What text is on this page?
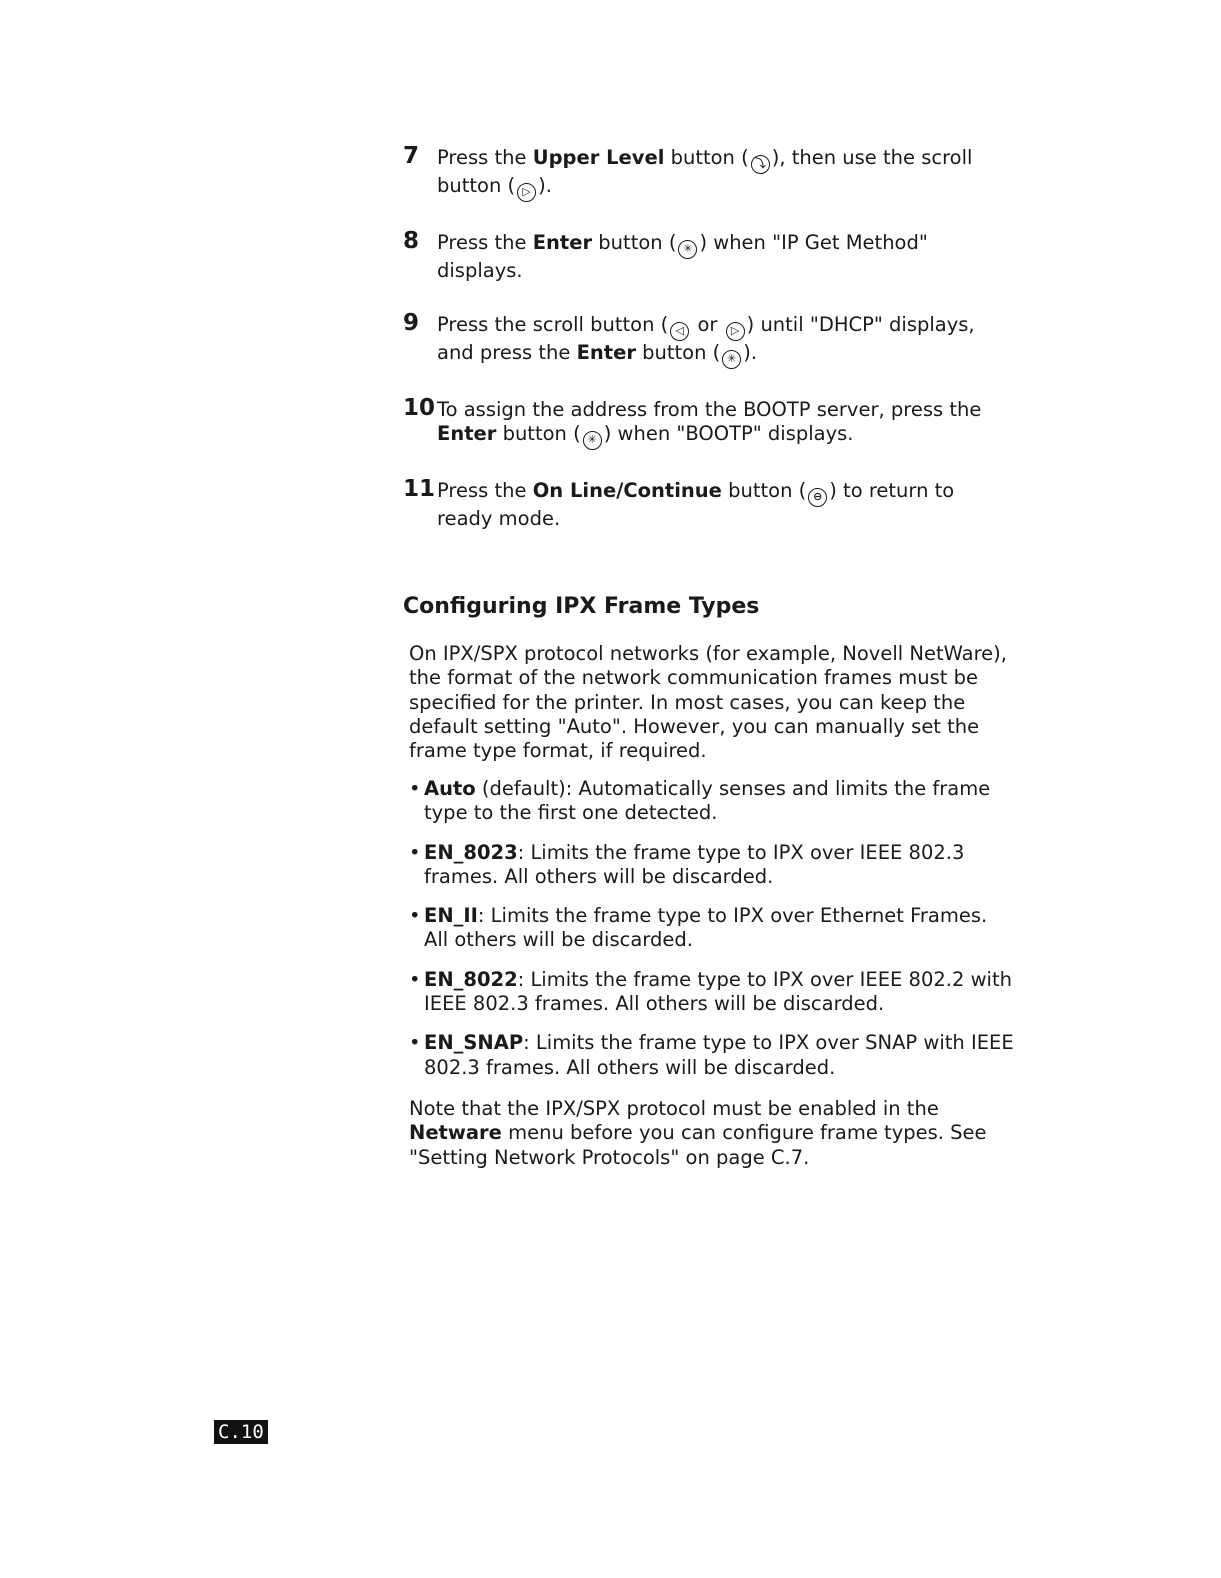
7 Press the Upper Level button ( ⤵ ), then use the scroll button ( ▷ ).
8 Press the Enter button ( ✳ ) when "IP Get Method" displays.
9 Press the scroll button ( ◁ or ▷ ) until "DHCP" displays, and press the Enter button ( ✳ ).
10 To assign the address from the BOOTP server, press the Enter button ( ✳ ) when "BOOTP" displays.
11 Press the On Line/Continue button ( ⊖ ) to return to ready mode.
Configuring IPX Frame Types

On IPX/SPX protocol networks (for example, Novell NetWare), the format of the network communication frames must be specified for the printer. In most cases, you can keep the default setting "Auto". However, you can manually set the frame type format, if required.

• Auto (default): Automatically senses and limits the frame type to the first one detected.
• EN_8023: Limits the frame type to IPX over IEEE 802.3 frames. All others will be discarded.
• EN_II: Limits the frame type to IPX over Ethernet Frames. All others will be discarded.
• EN_8022: Limits the frame type to IPX over IEEE 802.2 with IEEE 802.3 frames. All others will be discarded.
• EN_SNAP: Limits the frame type to IPX over SNAP with IEEE 802.3 frames. All others will be discarded.

Note that the IPX/SPX protocol must be enabled in the Netware menu before you can configure frame types. See "Setting Network Protocols" on page C.7.

C.10
